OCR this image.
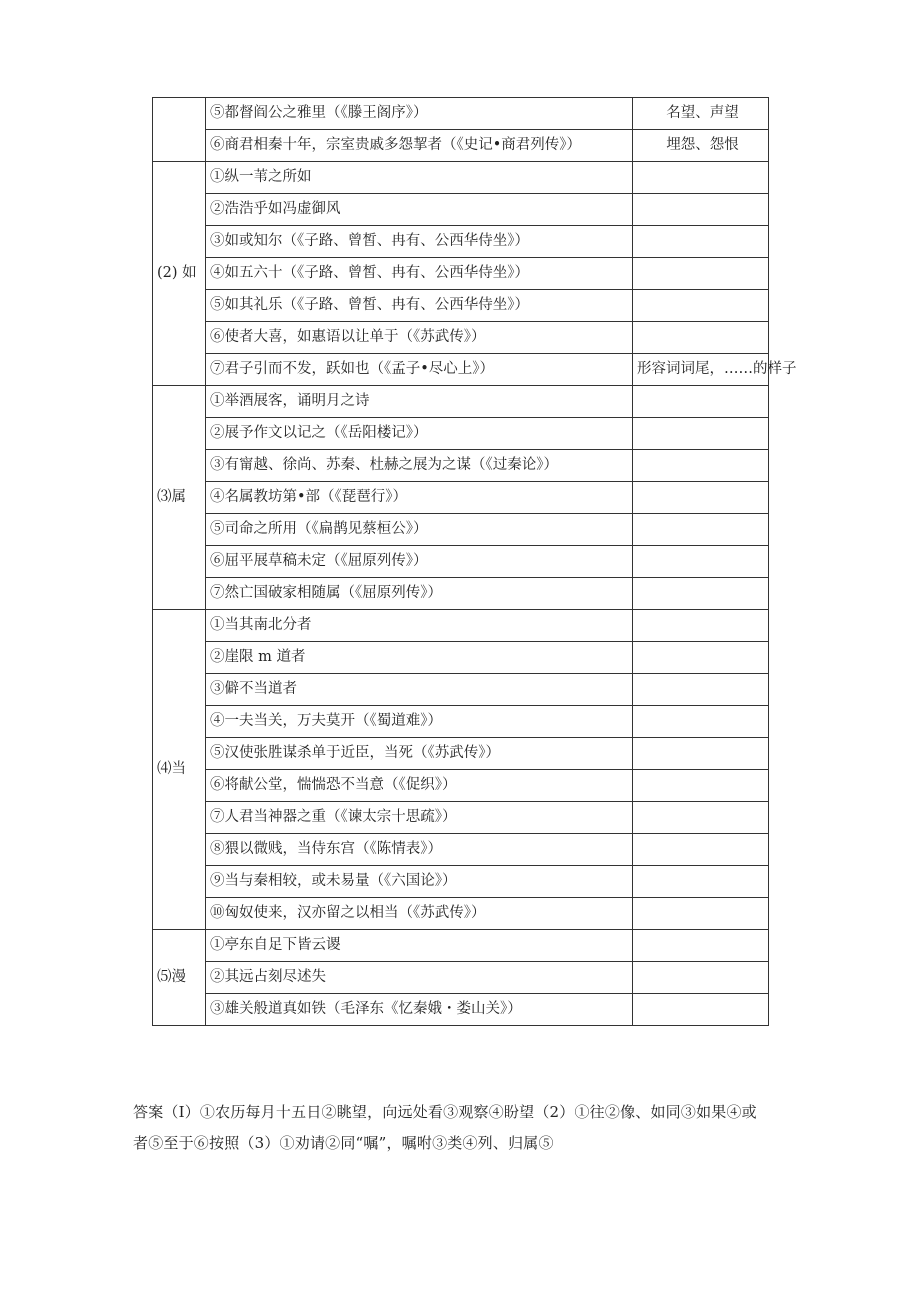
	⑤都督阎公之雅里（《滕王阁序》）	名望、声望
	⑥商君相秦十年，宗室贵戚多怨挈者（《史记•商君列传》）	埋怨、怨恨
(2) 如	①纵一苇之所如	
	②浩浩乎如冯虚御风	
	③如或知尔（《子路、曾皙、冉有、公西华侍坐》）	
	④如五六十（《子路、曾皙、冉有、公西华侍坐》）	
	⑤如其礼乐（《子路、曾皙、冉有、公西华侍坐》）	
	⑥使者大喜，如惠语以让单于（《苏武传》）	
	⑦君子引而不发，跃如也（《孟子•尽心上》）	形容词词尾，……的样子
⑶属	①举酒展客，诵明月之诗	
	②展予作文以记之（《岳阳楼记》）	
	③有甯越、徐尚、苏秦、杜赫之展为之谋（《过秦论》）	
	④名属教坊第•部（《琵琶行》）	
	⑤司命之所用（《扁鹊见蔡桓公》）	
	⑥屈平展草稿未定（《屈原列传》）	
	⑦然亡国破家相随属（《屈原列传》）	
⑷当	①当其南北分者	
	②崖限 m 道者	
	③僻不当道者	
	④一夫当关，万夫莫开（《蜀道难》）	
	⑤汉使张胜谋杀单于近臣，当死（《苏武传》）	
	⑥将献公堂，惴惴恐不当意（《促织》）	
	⑦人君当神器之重（《谏太宗十思疏》）	
	⑧猥以微贱，当侍东宫（《陈情表》）	
	⑨当与秦相较，或未易量（《六国论》）	
	⑩匈奴使来，汉亦留之以相当（《苏武传》）	
⑸漫	①亭东自足下皆云谡	
	②其远占刻尽述失	
	③雄关般道真如铁（毛泽东《忆秦娥・娄山关》）	

答案（I）①农历每月十五日②眺望，向远处看③观察④盼望（2）①往②像、如同③如果④或

者⑤至于⑥按照（3）①劝请②同“嘱”，嘱咐③类④列、归属⑤
